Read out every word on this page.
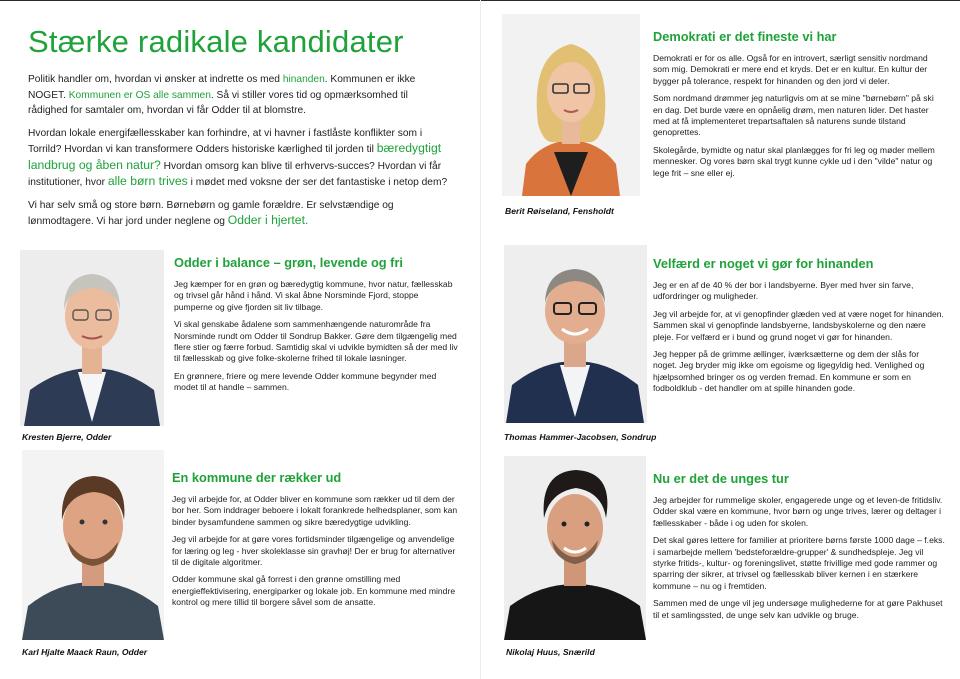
Stærke radikale kandidater

Politik handler om, hvordan vi ønsker at indrette os med hinanden. Kommunen er ikke NOGET. Kommunen er OS alle sammen. Så vi stiller vores tid og opmærksomhed til rådighed for samtaler om, hvordan vi får Odder til at blomstre.

Hvordan lokale energifællesskaber kan forhindre, at vi havner i fastlåste konflikter som i Torrild? Hvordan vi kan transformere Odders historiske kærlighed til jorden til bæredygtigt landbrug og åben natur? Hvordan omsorg kan blive til erhvervs-succes? Hvordan vi får institutioner, hvor alle børn trives i mødet med voksne der ser det fantastiske i netop dem?

Vi har selv små og store børn. Børnebørn og gamle forældre. Er selvstændige og lønmodtagere. Vi har jord under neglene og Odder i hjertet.

Berit Røiseland, Fensholdt
Demokrati er det fineste vi har

Demokrati er for os alle. Også for en introvert, særligt sensitiv nordmand som mig. Demokrati er mere end et kryds. Det er en kultur. En kultur der bygger på tolerance, respekt for hinanden og den jord vi deler.

Som nordmand drømmer jeg naturligvis om at se mine "børnebørn" på ski en dag. Det burde være en opnåelig drøm, men naturen lider. Det haster med at få implementeret trepartsaftalen så naturens sunde tilstand genoprettes.

Skolegårde, bymidte og natur skal planlægges for fri leg og møder mellem mennesker. Og vores børn skal trygt kunne cykle ud i den "vilde" natur og lege frit – sne eller ej.

Kresten Bjerre, Odder
Odder i balance – grøn, levende og fri

Jeg kæmper for en grøn og bæredygtig kommune, hvor natur, fællesskab og trivsel går hånd i hånd. Vi skal åbne Norsminde Fjord, stoppe pumperne og give fjorden sit liv tilbage.

Vi skal genskabe ådalene som sammenhængende naturområde fra Norsminde rundt om Odder til Sondrup Bakker. Gøre dem tilgængelig med flere stier og færre forbud. Samtidig skal vi udvikle bymidten så der med liv til fællesskab og give folke-skolerne frihed til lokale løsninger.

En grønnere, friere og mere levende Odder kommune begynder med modet til at handle – sammen.

Thomas Hammer-Jacobsen, Sondrup
Velfærd er noget vi gør for hinanden

Jeg er en af de 40 % der bor i landsbyerne. Byer med hver sin farve, udfordringer og muligheder.

Jeg vil arbejde for, at vi genopfinder glæden ved at være noget for hinanden. Sammen skal vi genopfinde landsbyerne, landsbyskolerne og den nære pleje. For velfærd er i bund og grund noget vi gør for hinanden.

Jeg hepper på de grimme ællinger, iværksætterne og dem der slås for noget. Jeg bryder mig ikke om egoisme og ligegyldig hed. Venlighed og hjælpsomhed bringer os og verden fremad. En kommune er som en fodboldklub - det handler om at spille hinanden gode.

Karl Hjalte Maack Raun, Odder
En kommune der rækker ud

Jeg vil arbejde for, at Odder bliver en kommune som rækker ud til dem der bor her. Som inddrager beboere i lokalt forankrede helhedsplaner, som kan binder bysamfundene sammen og sikre bæredygtige udvikling.

Jeg vil arbejde for at gøre vores fortidsminder tilgængelige og anvendelige for læring og leg - hver skoleklasse sin gravhøj! Der er brug for alternativer til de digitale algoritmer.

Odder kommune skal gå forrest i den grønne omstilling med energieffektivisering, energiparker og lokale job. En kommune med mindre kontrol og mere tillid til borgere såvel som de ansatte.

Nikolaj Huus, Snærild
Nu er det de unges tur

Jeg arbejder for rummelige skoler, engagerede unge og et leven-de fritidsliv. Odder skal være en kommune, hvor børn og unge trives, lærer og deltager i fællesskaber - både i og uden for skolen.

Det skal gøres lettere for familier at prioritere børns første 1000 dage – f.eks. i samarbejde mellem 'bedsteforældre-grupper' & sundhedspleje. Jeg vil styrke fritids-, kultur- og foreningslivet, støtte frivillige med gode rammer og sparring der sikrer, at trivsel og fællesskab bliver kernen i en stærkere kommune – nu og i fremtiden.

Sammen med de unge vil jeg undersøge mulighederne for at gøre Pakhuset til et samlingssted, de unge selv kan udvikle og bruge.
